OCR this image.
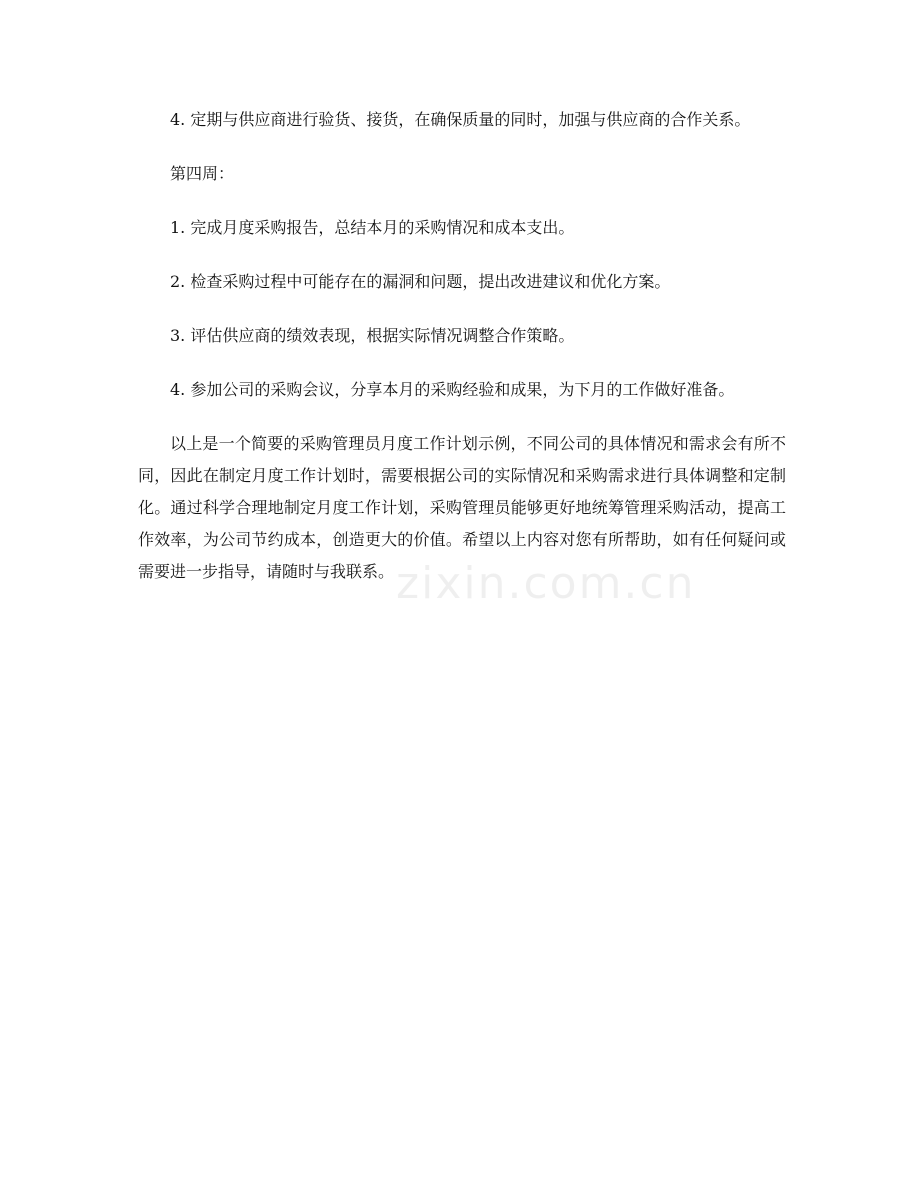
4. 定期与供应商进行验货、接货，在确保质量的同时，加强与供应商的合作关系。

第四周：

1. 完成月度采购报告，总结本月的采购情况和成本支出。

2. 检查采购过程中可能存在的漏洞和问题，提出改进建议和优化方案。

3. 评估供应商的绩效表现，根据实际情况调整合作策略。

4. 参加公司的采购会议，分享本月的采购经验和成果，为下月的工作做好准备。

以上是一个简要的采购管理员月度工作计划示例，不同公司的具体情况和需求会有所不同，因此在制定月度工作计划时，需要根据公司的实际情况和采购需求进行具体调整和定制化。通过科学合理地制定月度工作计划，采购管理员能够更好地统筹管理采购活动，提高工作效率，为公司节约成本，创造更大的价值。希望以上内容对您有所帮助，如有任何疑问或需要进一步指导，请随时与我联系。 zixin.com.cn
